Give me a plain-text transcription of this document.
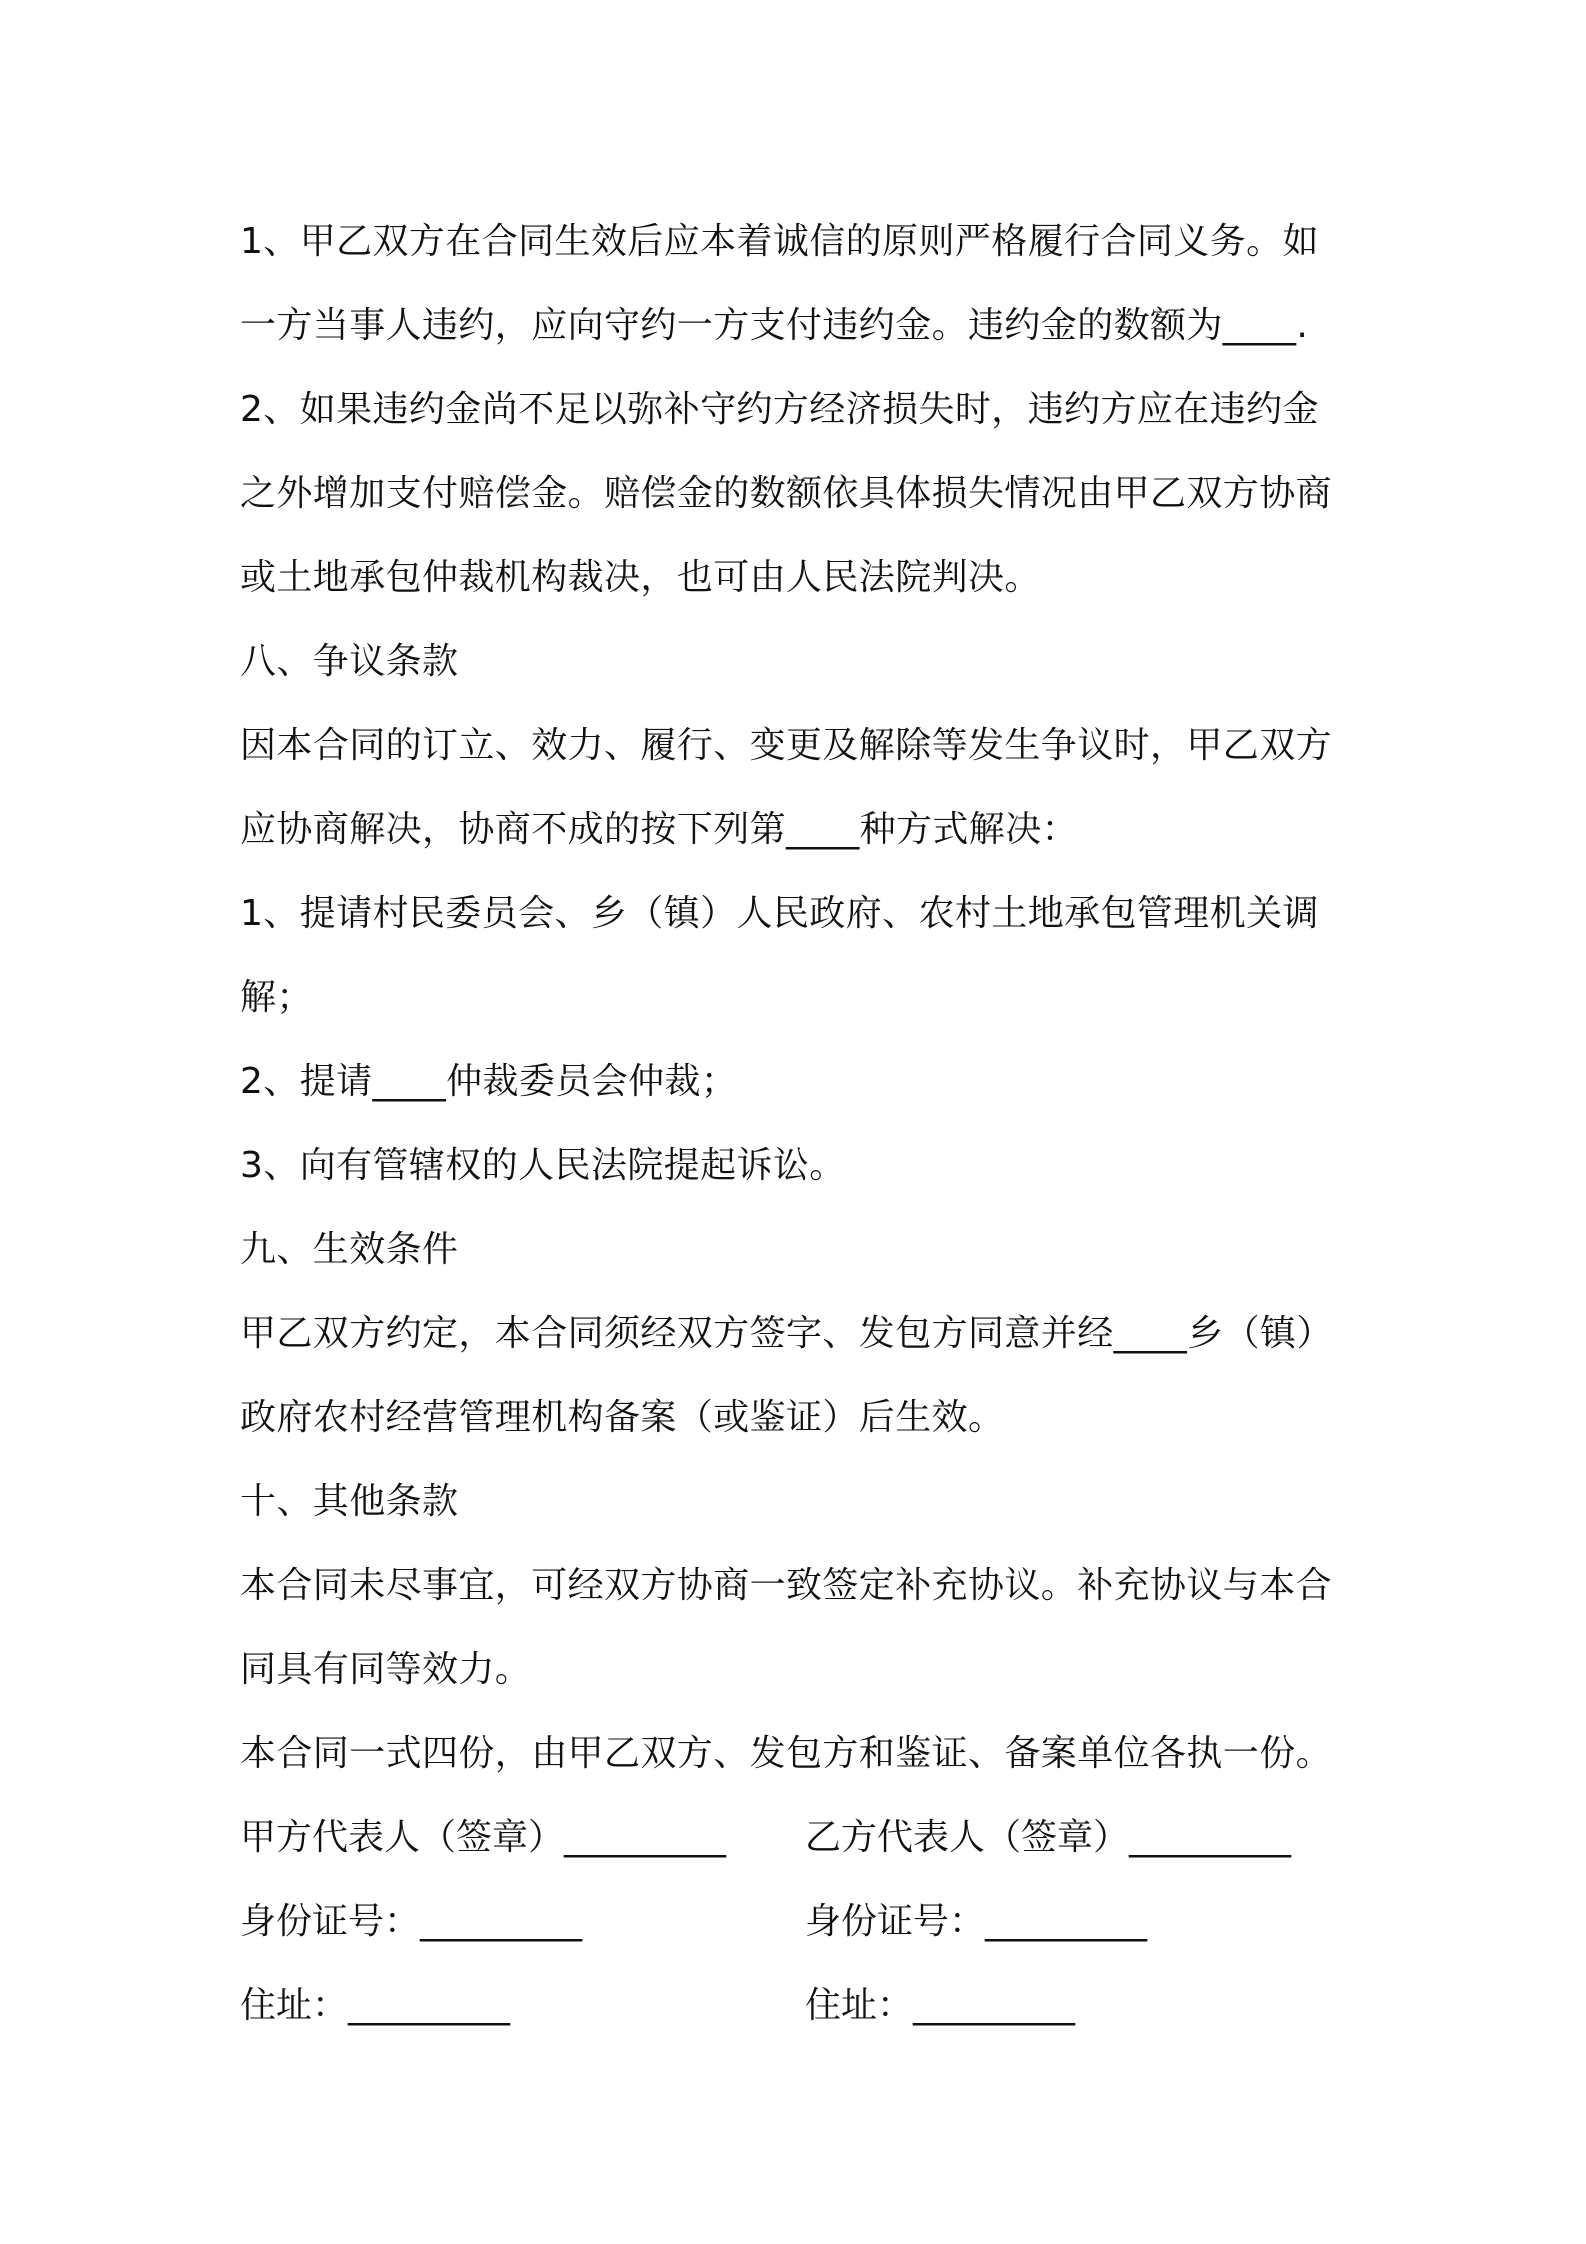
1、甲乙双方在合同生效后应本着诚信的原则严格履行合同义务。如
一方当事人违约，应向守约一方支付违约金。违约金的数额为____.
2、如果违约金尚不足以弥补守约方经济损失时，违约方应在违约金
之外增加支付赔偿金。赔偿金的数额依具体损失情况由甲乙双方协商
或土地承包仲裁机构裁决，也可由人民法院判决。
八、争议条款
因本合同的订立、效力、履行、变更及解除等发生争议时，甲乙双方
应协商解决，协商不成的按下列第____种方式解决：
1、提请村民委员会、乡（镇）人民政府、农村土地承包管理机关调
解；
2、提请____仲裁委员会仲裁；
3、向有管辖权的人民法院提起诉讼。
九、生效条件
甲乙双方约定，本合同须经双方签字、发包方同意并经____乡（镇）
政府农村经营管理机构备案（或鉴证）后生效。
十、其他条款
本合同未尽事宜，可经双方协商一致签定补充协议。补充协议与本合
同具有同等效力。
本合同一式四份，由甲乙双方、发包方和鉴证、备案单位各执一份。
甲方代表人（签章）_________	乙方代表人（签章）_________
身份证号：_________	身份证号：_________
住址：_________	住址：_________
